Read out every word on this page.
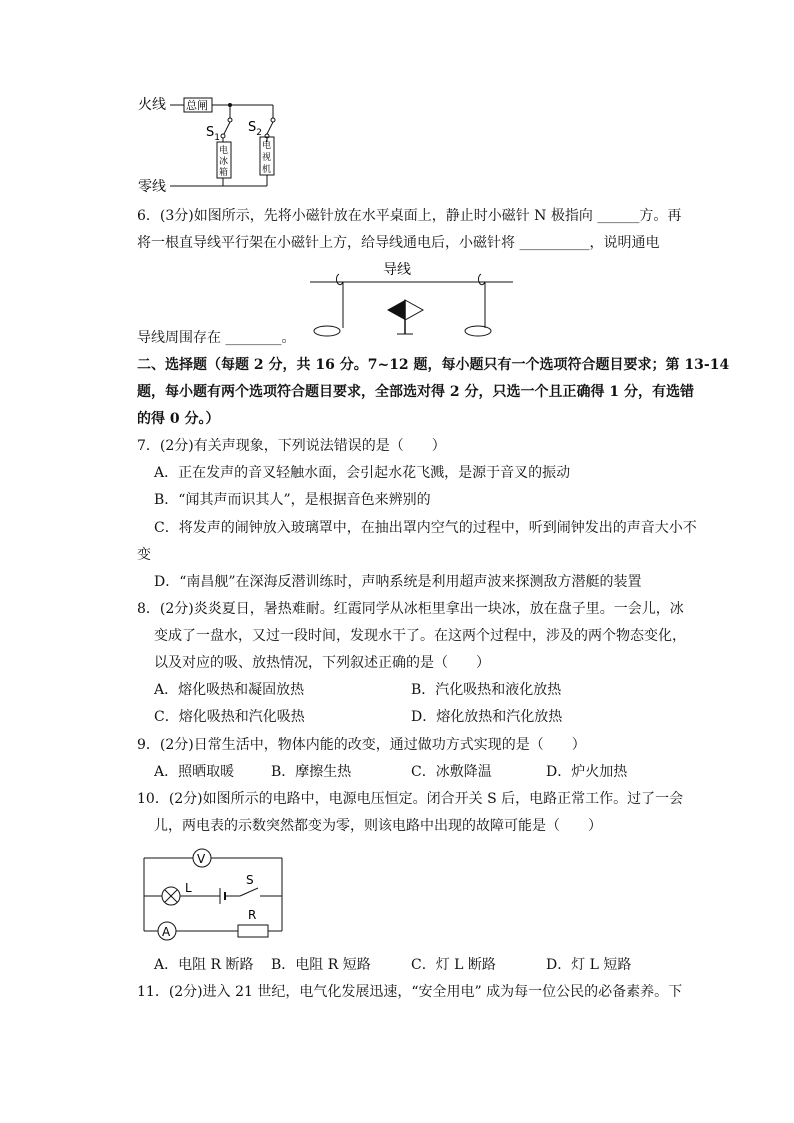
火线 总闸
$S_1$
电
冰
箱
$S_2$
电
视
机
零线
6．(3分)如图所示，先将小磁针放在水平桌面上，静止时小磁针 N 极指向 ______方。再
将一根直导线平行架在小磁针上方，给导线通电后，小磁针将 __________，说明通电
导线
导线周围存在 ________。
二、选择题（每题 2 分，共 16 分。7~12 题，每小题只有一个选项符合题目要求；第 13-14
题，每小题有两个选项符合题目要求，全部选对得 2 分，只选一个且正确得 1 分，有选错
的得 0 分。）
7．(2分)有关声现象，下列说法错误的是（　　）
A．正在发声的音叉轻触水面，会引起水花飞溅，是源于音叉的振动
B．“闻其声而识其人”，是根据音色来辨别的
C．将发声的闹钟放入玻璃罩中，在抽出罩内空气的过程中，听到闹钟发出的声音大小不
变
D．“南昌舰”在深海反潜训练时，声呐系统是利用超声波来探测敌方潜艇的装置
8．(2分)炎炎夏日，暑热难耐。红霞同学从冰柜里拿出一块冰，放在盘子里。一会儿，冰
变成了一盘水，又过一段时间，发现水干了。在这两个过程中，涉及的两个物态变化，
以及对应的吸、放热情况，下列叙述正确的是（　　）
A．熔化吸热和凝固放热	B．汽化吸热和液化放热
C．熔化吸热和汽化吸热	D．熔化放热和汽化放热
9．(2分)日常生活中，物体内能的改变，通过做功方式实现的是（　　）
A．照晒取暖	B．摩擦生热	C．冰敷降温	D．炉火加热
10．(2分)如图所示的电路中，电源电压恒定。闭合开关 S 后，电路正常工作。过了一会
儿，两电表的示数突然都变为零，则该电路中出现的故障可能是（　　）
V
L
S
A
R
A．电阻 R 断路 B．电阻 R 短路	C．灯 L 断路	D．灯 L 短路
11．(2分)进入 21 世纪，电气化发展迅速，“安全用电” 成为每一位公民的必备素养。下
